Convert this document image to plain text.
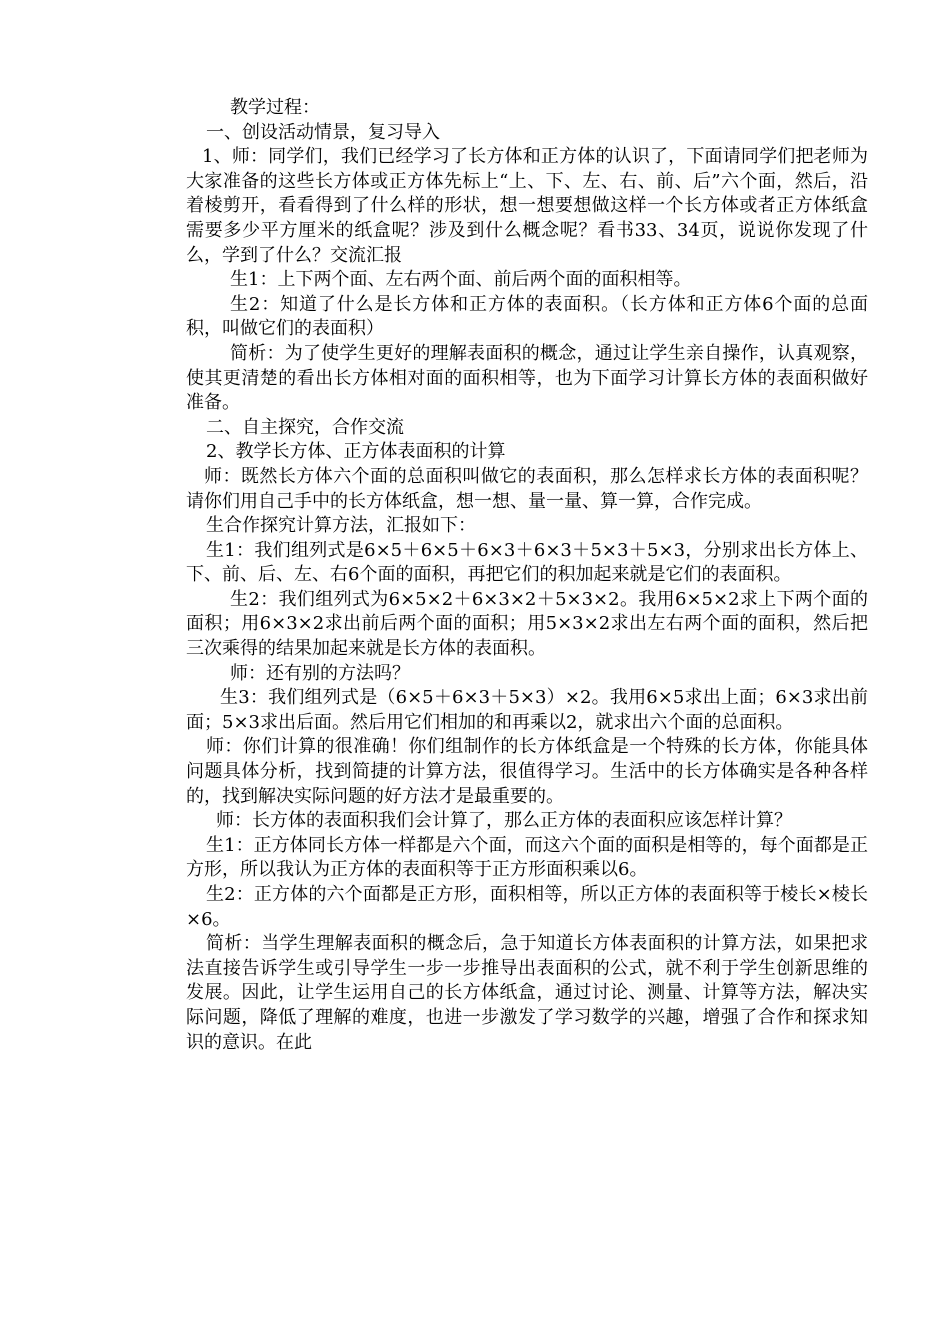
教学过程：

一、创设活动情景，复习导入

1、师：同学们，我们已经学习了长方体和正方体的认识了，下面请同学们把老师为大家准备的这些长方体或正方体先标上“上、下、左、右、前、后”六个面，然后，沿着棱剪开，看看得到了什么样的形状，想一想要想做这样一个长方体或者正方体纸盒需要多少平方厘米的纸盒呢？涉及到什么概念呢？看书33、34页，说说你发现了什么，学到了什么？交流汇报

生1：上下两个面、左右两个面、前后两个面的面积相等。

生2：知道了什么是长方体和正方体的表面积。（长方体和正方体6个面的总面积，叫做它们的表面积）

简析：为了使学生更好的理解表面积的概念，通过让学生亲自操作，认真观察，使其更清楚的看出长方体相对面的面积相等，也为下面学习计算长方体的表面积做好准备。

二、自主探究，合作交流

2、教学长方体、正方体表面积的计算

师：既然长方体六个面的总面积叫做它的表面积，那么怎样求长方体的表面积呢？请你们用自己手中的长方体纸盒，想一想、量一量、算一算，合作完成。

生合作探究计算方法，汇报如下：

生1：我们组列式是6×5＋6×5＋6×3＋6×3＋5×3＋5×3，分别求出长方体上、下、前、后、左、右6个面的面积，再把它们的积加起来就是它们的表面积。

生2：我们组列式为6×5×2＋6×3×2＋5×3×2。我用6×5×2求上下两个面的面积；用6×3×2求出前后两个面的面积；用5×3×2求出左右两个面的面积，然后把三次乘得的结果加起来就是长方体的表面积。

师：还有别的方法吗？

生3：我们组列式是（6×5＋6×3＋5×3）×2。我用6×5求出上面；6×3求出前面；5×3求出后面。然后用它们相加的和再乘以2，就求出六个面的总面积。

师：你们计算的很准确！你们组制作的长方体纸盒是一个特殊的长方体，你能具体问题具体分析，找到简捷的计算方法，很值得学习。生活中的长方体确实是各种各样的，找到解决实际问题的好方法才是最重要的。

师：长方体的表面积我们会计算了，那么正方体的表面积应该怎样计算？

生1：正方体同长方体一样都是六个面，而这六个面的面积是相等的，每个面都是正方形，所以我认为正方体的表面积等于正方形面积乘以6。

生2：正方体的六个面都是正方形，面积相等，所以正方体的表面积等于棱长×棱长×6。

简析：当学生理解表面积的概念后，急于知道长方体表面积的计算方法，如果把求法直接告诉学生或引导学生一步一步推导出表面积的公式，就不利于学生创新思维的发展。因此，让学生运用自己的长方体纸盒，通过讨论、测量、计算等方法，解决实际问题，降低了理解的难度，也进一步激发了学习数学的兴趣，增强了合作和探求知识的意识。在此
